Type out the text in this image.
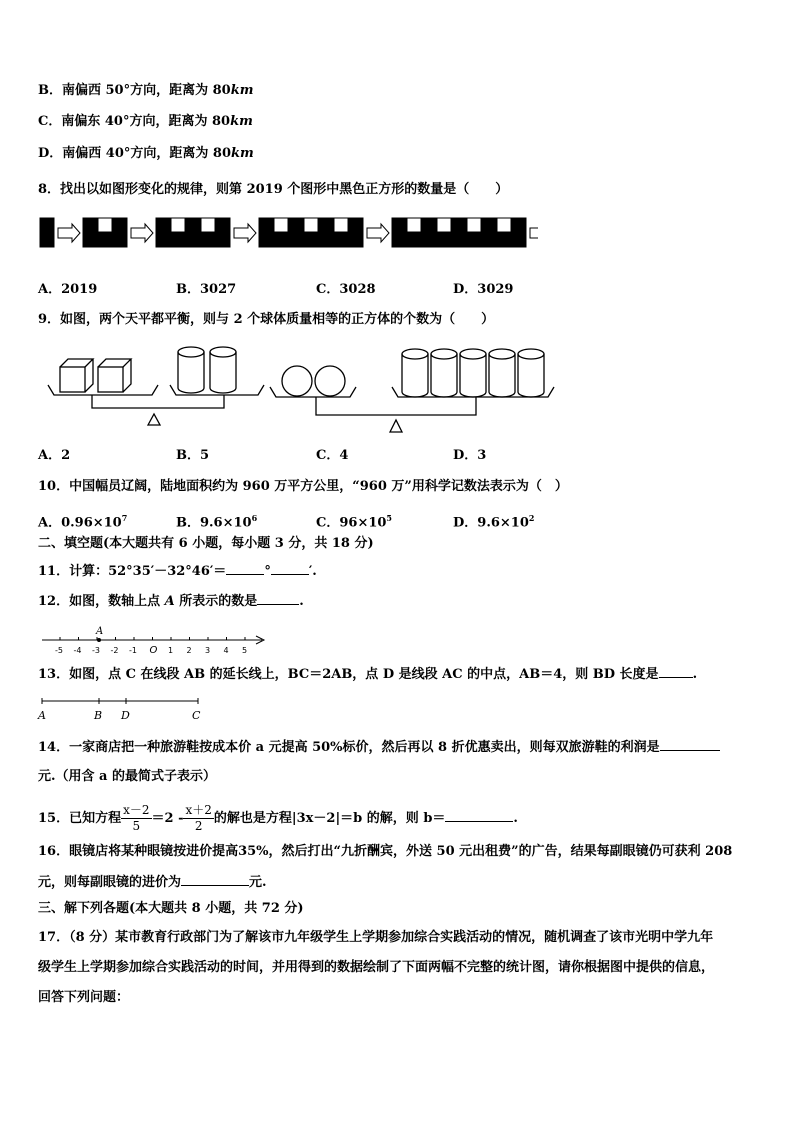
B．南偏西 50°方向，距离为 80km
C．南偏东 40°方向，距离为 80km
D．南偏西 40°方向，距离为 80km
8．找出以如图形变化的规律，则第 2019 个图形中黑色正方形的数量是（　　）
......
A．2019	B．3027	C．3028	D．3029
9．如图，两个天平都平衡，则与 2 个球体质量相等的正方体的个数为（　　）
A．2	B．5	C．4	D．3
10．中国幅员辽阔，陆地面积约为 960 万平方公里，“960 万”用科学记数法表示为（　）
A．$0.96\times 10^7$	B．$9.6\times 10^6$	C．$96\times 10^5$	D．$9.6\times 10^2$
二、填空题(本大题共有 6 小题，每小题 3 分，共 18 分)
11．计算：52°35′－32°46′＝	°	′.
12．如图，数轴上点 A 所表示的数是	.
-5 -4 -3 -2 -1 O 1 2 3 4 5
A
13．如图，点 C 在线段 AB 的延长线上，BC＝2AB，点 D 是线段 AC 的中点，AB＝4，则 BD 长度是	.
A	B D	C
14．一家商店把一种旅游鞋按成本价 a 元提高 50%标价，然后再以 8 折优惠卖出，则每双旅游鞋的利润是
元.（用含 a 的最简式子表示）
15．已知方程 $\frac{x-2}{5} =2 - \frac{x+2}{2}$ 的解也是方程|3x－2|＝b 的解，则 b＝	.
16．眼镜店将某种眼镜按进价提高35%，然后打出“九折酬宾，外送 50 元出租费”的广告，结果每副眼镜仍可获利 208
元，则每副眼镜的进价为	元.
三、解下列各题(本大题共 8 小题，共 72 分)
17．（8 分）某市教育行政部门为了解该市九年级学生上学期参加综合实践活动的情况，随机调查了该市光明中学九年
级学生上学期参加综合实践活动的时间，并用得到的数据绘制了下面两幅不完整的统计图，请你根据图中提供的信息，
回答下列问题：
